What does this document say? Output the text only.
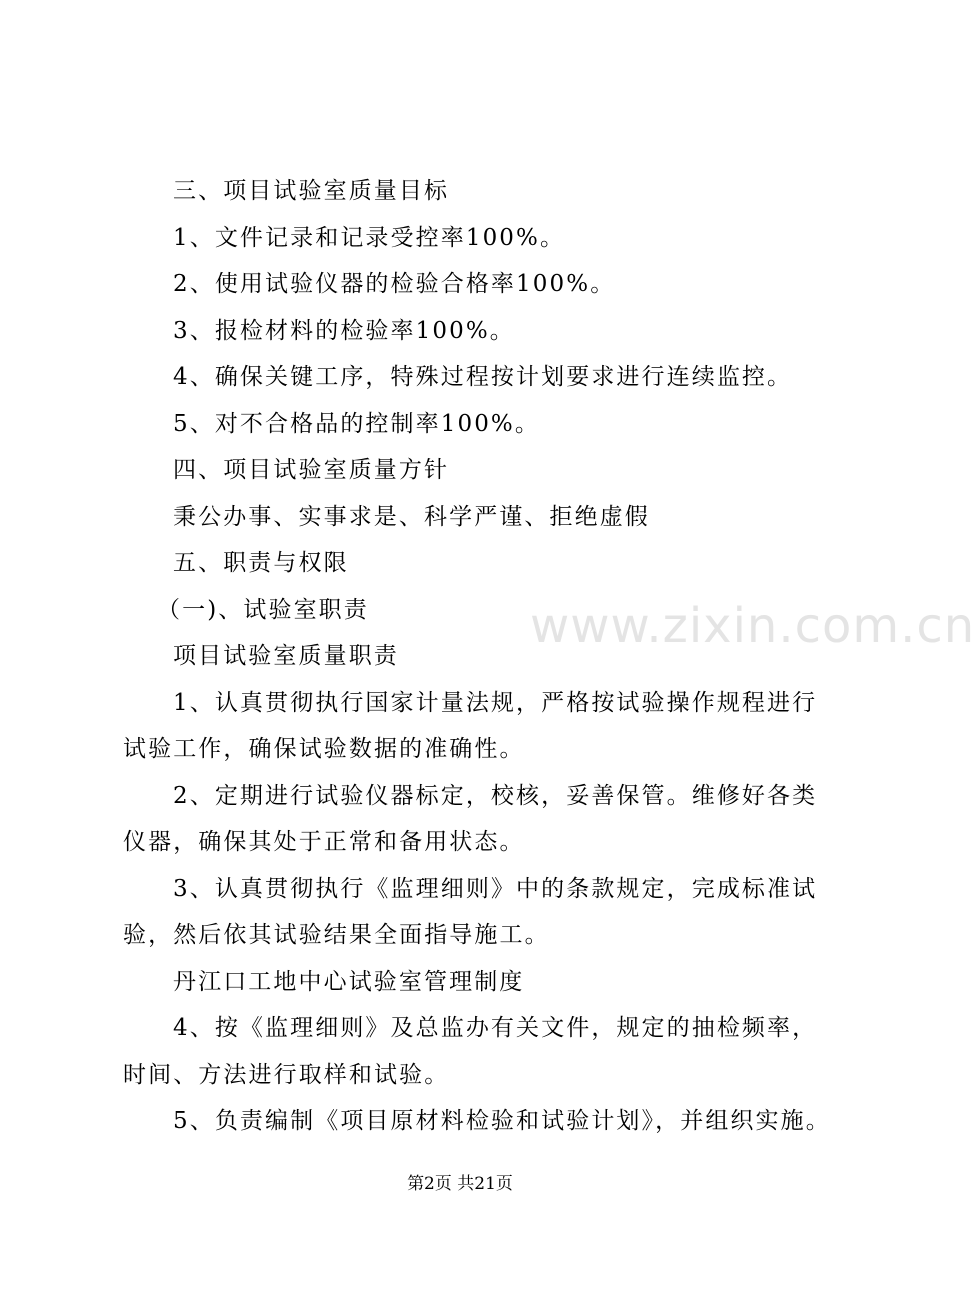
www.zixin.com.cn

三、项目试验室质量目标

1、文件记录和记录受控率100%。

2、使用试验仪器的检验合格率100%。

3、报检材料的检验率100%。

4、确保关键工序，特殊过程按计划要求进行连续监控。

5、对不合格品的控制率100%。

四、项目试验室质量方针

秉公办事、实事求是、科学严谨、拒绝虚假

五、职责与权限

（一)、试验室职责

项目试验室质量职责

1、认真贯彻执行国家计量法规，严格按试验操作规程进行

试验工作，确保试验数据的准确性。

2、定期进行试验仪器标定，校核，妥善保管。维修好各类

仪器，确保其处于正常和备用状态。

3、认真贯彻执行《监理细则》中的条款规定，完成标准试

验，然后依其试验结果全面指导施工。

丹江口工地中心试验室管理制度

4、按《监理细则》及总监办有关文件，规定的抽检频率，

时间、方法进行取样和试验。

5、负责编制《项目原材料检验和试验计划》，并组织实施。

第2页 共21页
